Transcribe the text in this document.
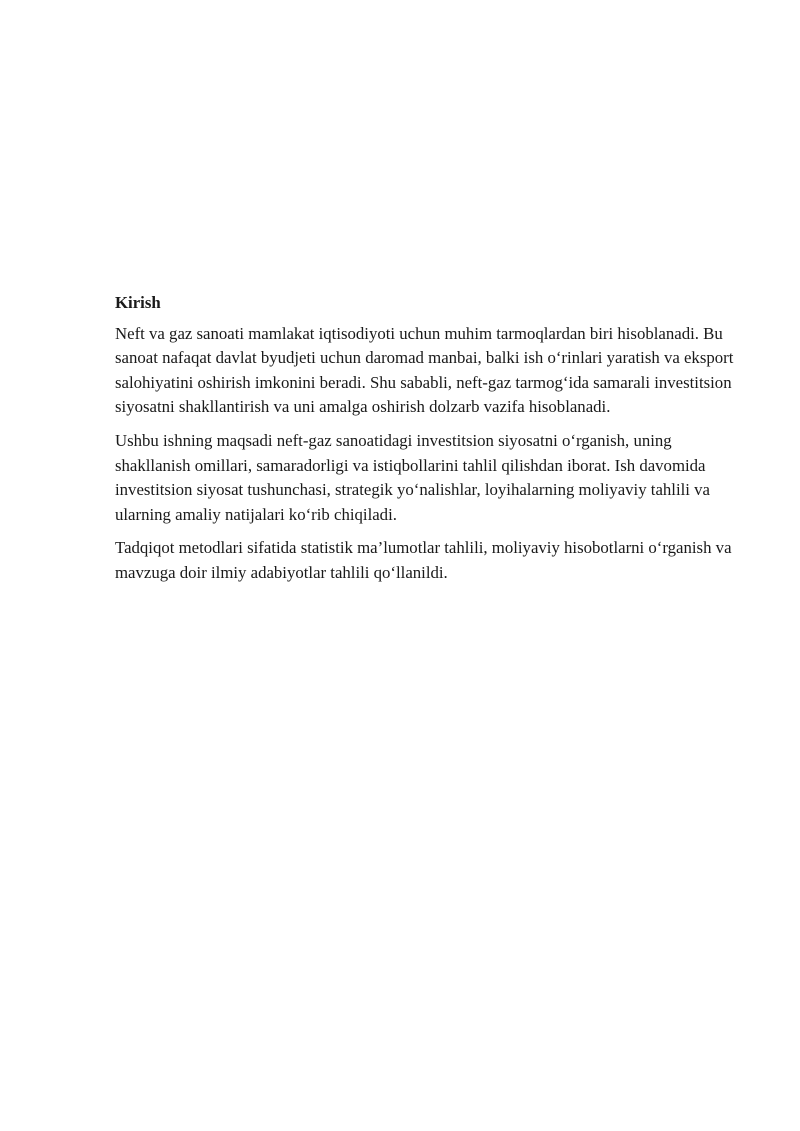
Kirish

Neft va gaz sanoati mamlakat iqtisodiyoti uchun muhim tarmoqlardan biri hisoblanadi. Bu sanoat nafaqat davlat byudjeti uchun daromad manbai, balki ish o‘rinlari yaratish va eksport salohiyatini oshirish imkonini beradi. Shu sababli, neft-gaz tarmog‘ida samarali investitsion siyosatni shakllantirish va uni amalga oshirish dolzarb vazifa hisoblanadi.

Ushbu ishning maqsadi neft-gaz sanoatidagi investitsion siyosatni o‘rganish, uning shakllanish omillari, samaradorligi va istiqbollarini tahlil qilishdan iborat. Ish davomida investitsion siyosat tushunchasi, strategik yo‘nalishlar, loyihalarning moliyaviy tahlili va ularning amaliy natijalari ko‘rib chiqiladi.

Tadqiqot metodlari sifatida statistik ma’lumotlar tahlili, moliyaviy hisobotlarni o‘rganish va mavzuga doir ilmiy adabiyotlar tahlili qo‘llanildi.
